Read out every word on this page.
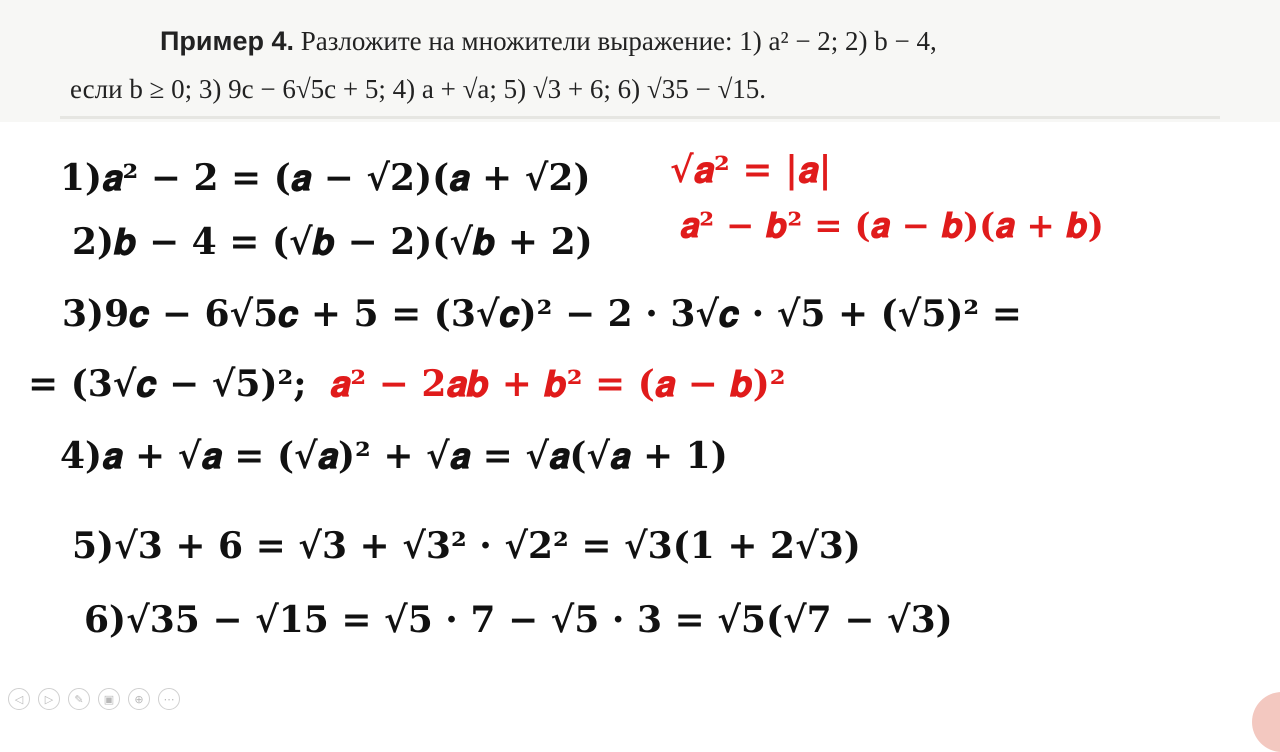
Пример 4. Разложите на множители выражение: 1) a² − 2; 2) b − 4,
если b ≥ 0; 3) 9c − 6√5c + 5; 4) a + √a; 5) √3 + 6; 6) √35 − √15.
1)𝒂² − 2 = (𝒂 − √2)(𝒂 + √2) √𝒂² = |𝒂|
𝒂² − 𝒃² = (𝒂 − 𝒃)(𝒂 + 𝒃)
2)𝒃 − 4 = (√𝒃 − 2)(√𝒃 + 2)
3)9𝒄 − 6√5𝒄 + 5 = (3√𝒄)² − 2 · 3√𝒄 · √5 + (√5)² =
= (3√𝒄 − √5)²; 𝒂² − 2𝒂𝒃 + 𝒃² = (𝒂 − 𝒃)²
4)𝒂 + √𝒂 = (√𝒂)² + √𝒂 = √𝒂(√𝒂 + 1)
5)√3 + 6 = √3 + √3² · √2² = √3(1 + 2√3)
6)√35 − √15 = √5 · 7 − √5 · 3 = √5(√7 − √3)
◁	▷	✎	▣	⊕	⋯
